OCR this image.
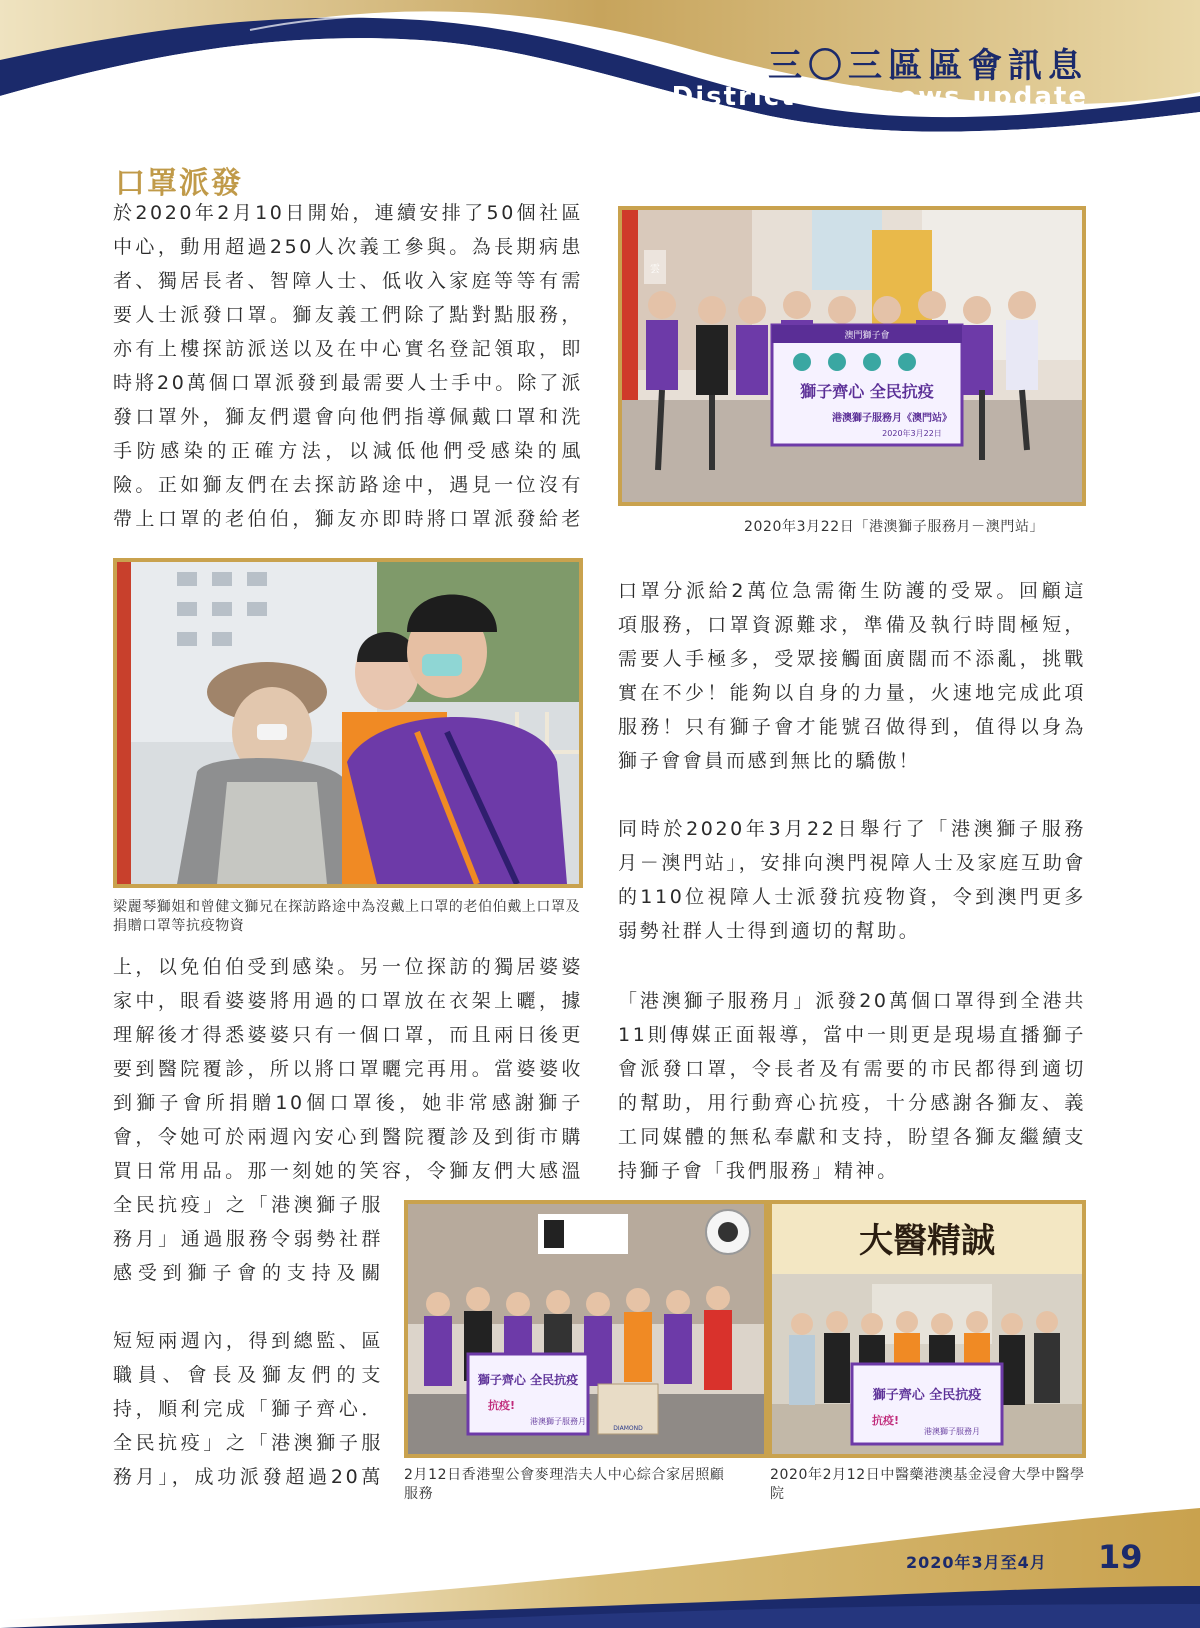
三〇三區區會訊息
District 303 news update
口罩派發

於2020年2月10日開始，連續安排了50個社區中心，動用超過250人次義工參與。為長期病患者、獨居長者、智障人士、低收入家庭等等有需要人士派發口罩。獅友義工們除了點對點服務，亦有上樓探訪派送以及在中心實名登記領取，即時將20萬個口罩派發到最需要人士手中。除了派發口罩外，獅友們還會向他們指導佩戴口罩和洗手防感染的正確方法，以減低他們受感染的風險。正如獅友們在去探訪路途中，遇見一位沒有帶上口罩的老伯伯，獅友亦即時將口罩派發給老

梁麗琴獅姐和曾健文獅兄在探訪路途中為沒戴上口罩的老伯伯戴上口罩及捐贈口罩等抗疫物資

上，以免伯伯受到感染。另一位探訪的獨居婆婆家中，眼看婆婆將用過的口罩放在衣架上曬，據理解後才得悉婆婆只有一個口罩，而且兩日後更要到醫院覆診，所以將口罩曬完再用。當婆婆收到獅子會所捐贈10個口罩後，她非常感謝獅子會，令她可於兩週內安心到醫院覆診及到街市購買日常用品。那一刻她的笑容，令獅友們大感溫

全民抗疫」之「港澳獅子服務月」通過服務令弱勢社群感受到獅子會的支持及關

短短兩週內，得到總監、區職員、會長及獅友們的支持，順利完成「獅子齊心．全民抗疫」之「港澳獅子服務月」，成功派發超過20萬

澳門獅子會
獅子齊心 全民抗疫
港澳獅子服務月《澳門站》
2020年3月22日
雲
2020年3月22日「港澳獅子服務月－澳門站」

口罩分派給2萬位急需衛生防護的受眾。回顧這項服務，口罩資源難求，準備及執行時間極短，需要人手極多，受眾接觸面廣闊而不添亂，挑戰實在不少！能夠以自身的力量，火速地完成此項服務！只有獅子會才能號召做得到，值得以身為獅子會會員而感到無比的驕傲！

同時於2020年3月22日舉行了「港澳獅子服務月－澳門站」，安排向澳門視障人士及家庭互助會的110位視障人士派發抗疫物資，令到澳門更多弱勢社群人士得到適切的幫助。

「港澳獅子服務月」派發20萬個口罩得到全港共11則傳媒正面報導，當中一則更是現場直播獅子會派發口罩，令長者及有需要的市民都得到適切的幫助，用行動齊心抗疫，十分感謝各獅友、義工同媒體的無私奉獻和支持，盼望各獅友繼續支持獅子會「我們服務」精神。

獅子齊心 全民抗疫
抗疫!
港澳獅子服務月
DIAMOND
2月12日香港聖公會麥理浩夫人中心綜合家居照顧服務
大醫精誠
獅子齊心 全民抗疫
抗疫!
港澳獅子服務月
2020年2月12日中醫藥港澳基金浸會大學中醫學院
2020年3月至4月 19
